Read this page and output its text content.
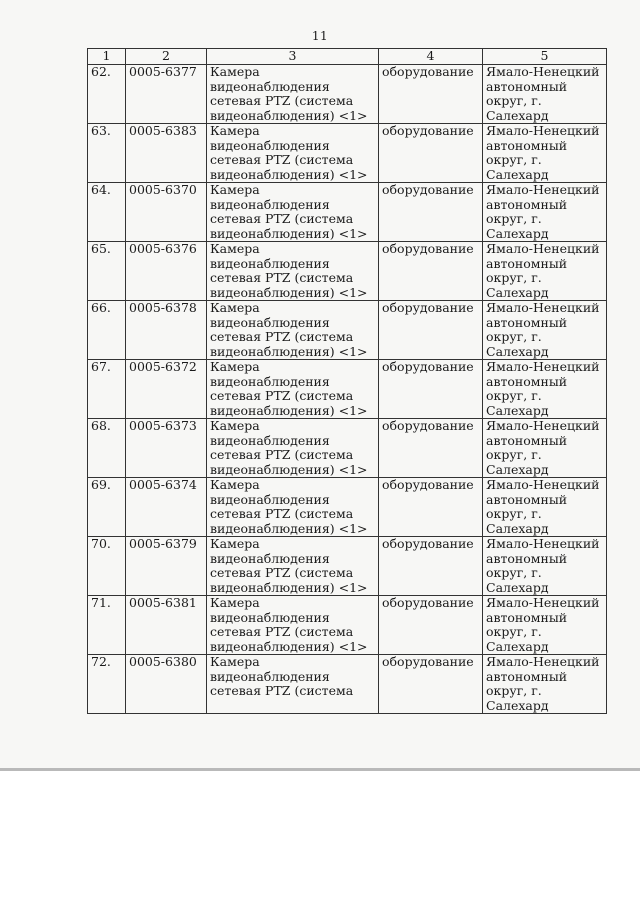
11
1	2	3	4	5
62.	0005-6377	Камера
видеонаблюдения
сетевая PTZ (система
видеонаблюдения) <1>	оборудование	Ямало-Ненецкий
автономный
округ, г. Салехард
63.	0005-6383	Камера
видеонаблюдения
сетевая PTZ (система
видеонаблюдения) <1>	оборудование	Ямало-Ненецкий
автономный
округ, г. Салехард
64.	0005-6370	Камера
видеонаблюдения
сетевая PTZ (система
видеонаблюдения) <1>	оборудование	Ямало-Ненецкий
автономный
округ, г. Салехард
65.	0005-6376	Камера
видеонаблюдения
сетевая PTZ (система
видеонаблюдения) <1>	оборудование	Ямало-Ненецкий
автономный
округ, г. Салехард
66.	0005-6378	Камера
видеонаблюдения
сетевая PTZ (система
видеонаблюдения) <1>	оборудование	Ямало-Ненецкий
автономный
округ, г. Салехард
67.	0005-6372	Камера
видеонаблюдения
сетевая PTZ (система
видеонаблюдения) <1>	оборудование	Ямало-Ненецкий
автономный
округ, г. Салехард
68.	0005-6373	Камера
видеонаблюдения
сетевая PTZ (система
видеонаблюдения) <1>	оборудование	Ямало-Ненецкий
автономный
округ, г. Салехард
69.	0005-6374	Камера
видеонаблюдения
сетевая PTZ (система
видеонаблюдения) <1>	оборудование	Ямало-Ненецкий
автономный
округ, г. Салехард
70.	0005-6379	Камера
видеонаблюдения
сетевая PTZ (система
видеонаблюдения) <1>	оборудование	Ямало-Ненецкий
автономный
округ, г. Салехард
71.	0005-6381	Камера
видеонаблюдения
сетевая PTZ (система
видеонаблюдения) <1>	оборудование	Ямало-Ненецкий
автономный
округ, г. Салехард
72.	0005-6380	Камера
видеонаблюдения
сетевая PTZ (система	оборудование	Ямало-Ненецкий
автономный
округ, г. Салехард
